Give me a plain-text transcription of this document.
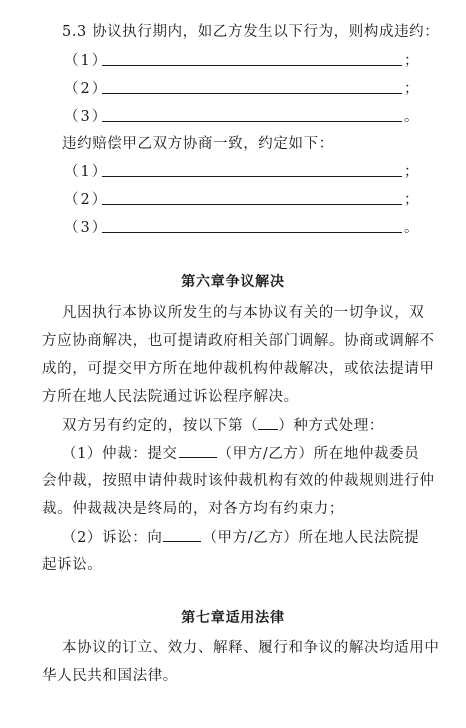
5.3 协议执行期内，如乙方发生以下行为，则构成违约：
（1）	；
（2）	；
（3）	。
违约赔偿甲乙双方协商一致，约定如下：
（1）	；
（2）	；
（3）	。
第六章争议解决
凡因执行本协议所发生的与本协议有关的一切争议，双
方应协商解决，也可提请政府相关部门调解。协商或调解不
成的，可提交甲方所在地仲裁机构仲裁解决，或依法提请甲
方所在地人民法院通过诉讼程序解决。
双方另有约定的，按以下第（ ）种方式处理：
（1）仲裁：提交	（甲方/乙方）所在地仲裁委员
会仲裁，按照申请仲裁时该仲裁机构有效的仲裁规则进行仲
裁。仲裁裁决是终局的，对各方均有约束力；
（2）诉讼：向	（甲方/乙方）所在地人民法院提
起诉讼。
第七章适用法律
本协议的订立、效力、解释、履行和争议的解决均适用中
华人民共和国法律。
